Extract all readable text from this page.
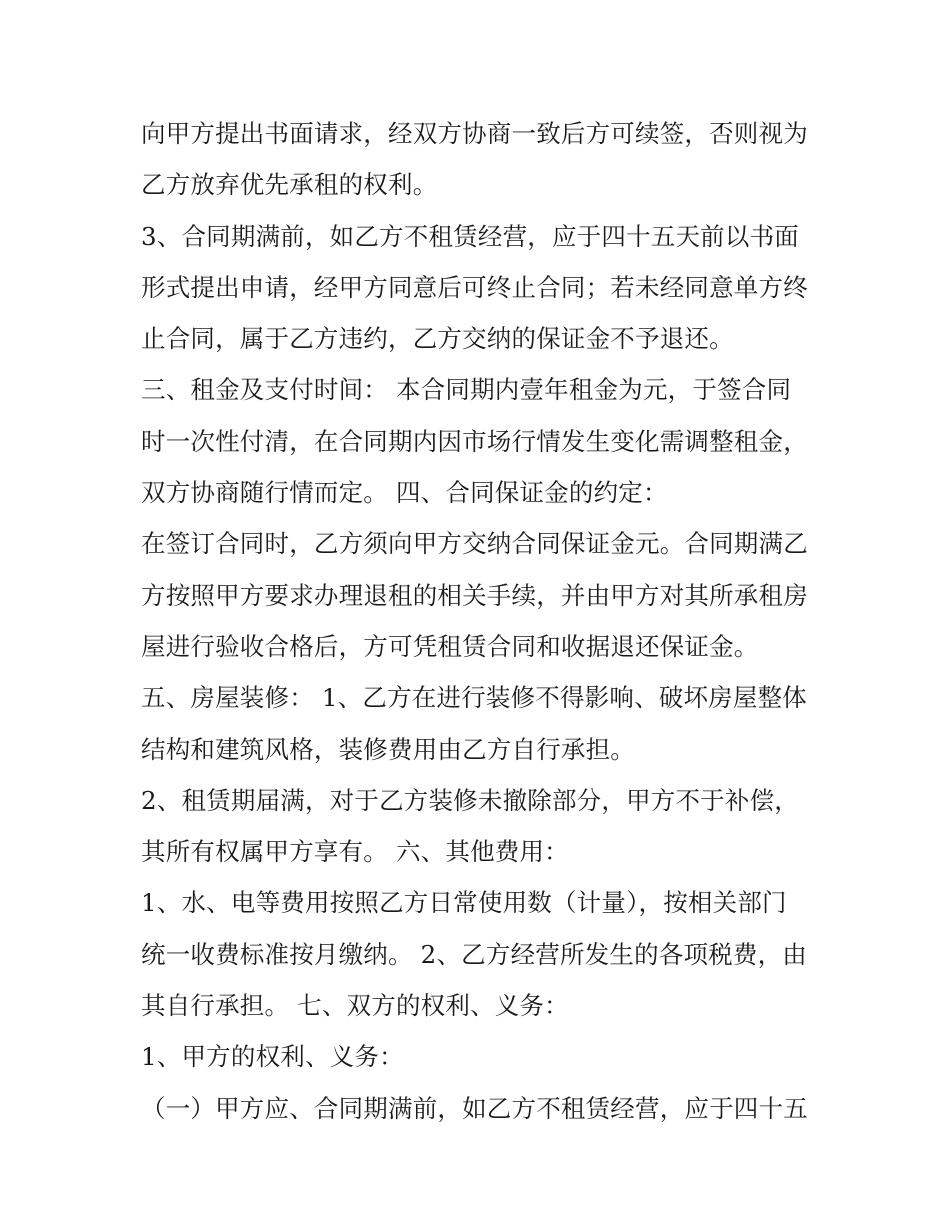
向甲方提出书面请求，经双方协商一致后方可续签，否则视为
乙方放弃优先承租的权利。
3、合同期满前，如乙方不租赁经营，应于四十五天前以书面
形式提出申请，经甲方同意后可终止合同；若未经同意单方终
止合同，属于乙方违约，乙方交纳的保证金不予退还。
三、租金及支付时间： 本合同期内壹年租金为元，于签合同
时一次性付清，在合同期内因市场行情发生变化需调整租金，
双方协商随行情而定。 四、合同保证金的约定：
在签订合同时，乙方须向甲方交纳合同保证金元。合同期满乙
方按照甲方要求办理退租的相关手续，并由甲方对其所承租房
屋进行验收合格后，方可凭租赁合同和收据退还保证金。
五、房屋装修： 1、乙方在进行装修不得影响、破坏房屋整体
结构和建筑风格，装修费用由乙方自行承担。
2、租赁期届满，对于乙方装修未撤除部分，甲方不于补偿，
其所有权属甲方享有。 六、其他费用：
1、水、电等费用按照乙方日常使用数（计量），按相关部门
统一收费标准按月缴纳。 2、乙方经营所发生的各项税费，由
其自行承担。 七、双方的权利、义务：
1、甲方的权利、义务：
（一）甲方应、合同期满前，如乙方不租赁经营，应于四十五
